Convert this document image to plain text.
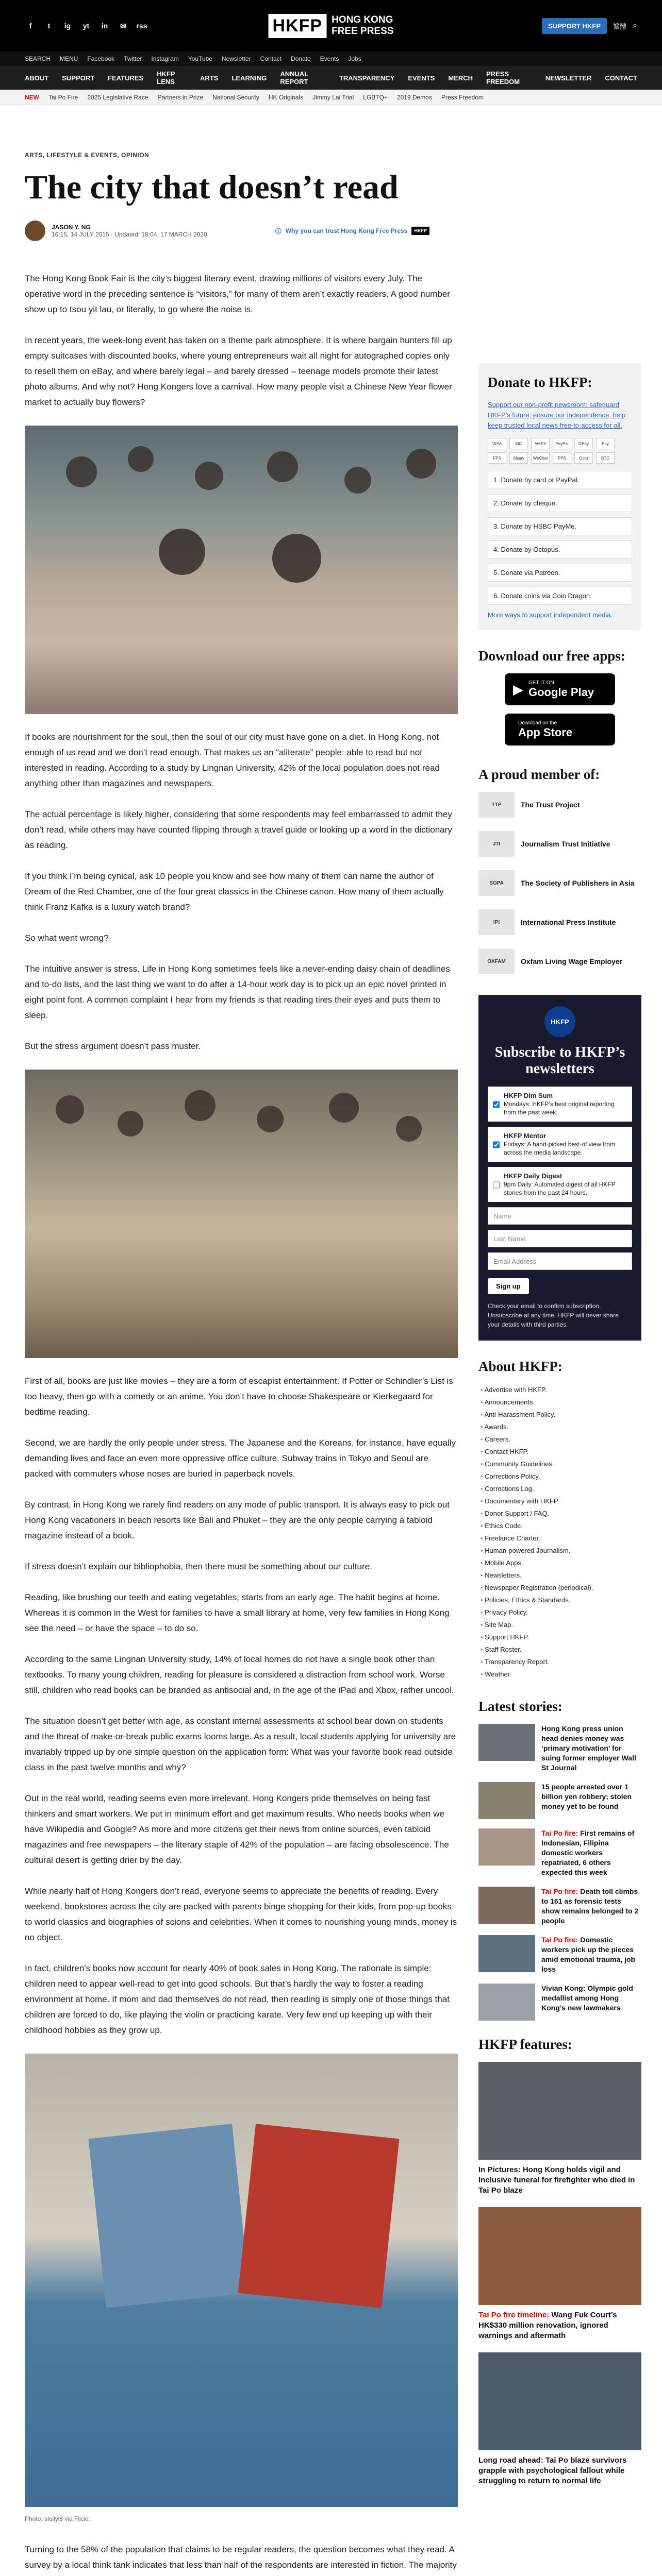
f	t	ig	yt	in	✉	rss	HKFP HONG KONG
FREE PRESS	SUPPORT HKFP	繁體 ⌕
SEARCH MENU Facebook Twitter Instagram YouTube Newsletter Contact Donate Events Jobs
ABOUT SUPPORT FEATURES HKFP LENS	ARTS LEARNING ANNUAL REPORT	TRANSPARENCY EVENTS MERCH PRESS FREEDOM	NEWSLETTER CONTACT
NEW Tai Po Fire 2025 Legislative Race Partners in Prize National Security HK Originals Jimmy Lai Trial LGBTQ+ 2019 Demos Press Freedom
ARTS, LIFESTYLE & EVENTS, OPINION
The city that doesn’t read
JASON Y. NG
16:15, 14 JULY 2015 · Updated: 18:04, 17 MARCH 2020	ⓘ Why you can trust Hong Kong Free Press	HKFP

The Hong Kong Book Fair is the city’s biggest literary event, drawing millions of visitors every July. The operative word in the preceding sentence is “visitors,” for many of them aren’t exactly readers. A good number show up to tsou yit lau, or literally, to go where the noise is.

In recent years, the week-long event has taken on a theme park atmosphere. It is where bargain hunters fill up empty suitcases with discounted books, where young entrepreneurs wait all night for autographed copies only to resell them on eBay, and where barely legal – and barely dressed – teenage models promote their latest photo albums. And why not? Hong Kongers love a carnival. How many people visit a Chinese New Year flower market to actually buy flowers?

If books are nourishment for the soul, then the soul of our city must have gone on a diet. In Hong Kong, not enough of us read and we don’t read enough. That makes us an “aliterate” people: able to read but not interested in reading. According to a study by Lingnan University, 42% of the local population does not read anything other than magazines and newspapers.

The actual percentage is likely higher, considering that some respondents may feel embarrassed to admit they don’t read, while others may have counted flipping through a travel guide or looking up a word in the dictionary as reading.

If you think I’m being cynical, ask 10 people you know and see how many of them can name the author of Dream of the Red Chamber, one of the four great classics in the Chinese canon. How many of them actually think Franz Kafka is a luxury watch brand?

So what went wrong?

The intuitive answer is stress. Life in Hong Kong sometimes feels like a never-ending daisy chain of deadlines and to-do lists, and the last thing we want to do after a 14-hour work day is to pick up an epic novel printed in eight point font. A common complaint I hear from my friends is that reading tires their eyes and puts them to sleep.

But the stress argument doesn’t pass muster.

First of all, books are just like movies – they are a form of escapist entertainment. If Potter or Schindler’s List is too heavy, then go with a comedy or an anime. You don’t have to choose Shakespeare or Kierkegaard for bedtime reading.

Second, we are hardly the only people under stress. The Japanese and the Koreans, for instance, have equally demanding lives and face an even more oppressive office culture. Subway trains in Tokyo and Seoul are packed with commuters whose noses are buried in paperback novels.

By contrast, in Hong Kong we rarely find readers on any mode of public transport. It is always easy to pick out Hong Kong vacationers in beach resorts like Bali and Phuket – they are the only people carrying a tabloid magazine instead of a book.

If stress doesn’t explain our bibliophobia, then there must be something about our culture.

Reading, like brushing our teeth and eating vegetables, starts from an early age. The habit begins at home. Whereas it is common in the West for families to have a small library at home, very few families in Hong Kong see the need – or have the space – to do so.

According to the same Lingnan University study, 14% of local homes do not have a single book other than textbooks. To many young children, reading for pleasure is considered a distraction from school work. Worse still, children who read books can be branded as antisocial and, in the age of the iPad and Xbox, rather uncool.

The situation doesn’t get better with age, as constant internal assessments at school bear down on students and the threat of make-or-break public exams looms large. As a result, local students applying for university are invariably tripped up by one simple question on the application form: What was your favorite book read outside class in the past twelve months and why?

Out in the real world, reading seems even more irrelevant. Hong Kongers pride themselves on being fast thinkers and smart workers. We put in minimum effort and get maximum results. Who needs books when we have Wikipedia and Google? As more and more citizens get their news from online sources, even tabloid magazines and free newspapers – the literary staple of 42% of the population – are facing obsolescence. The cultural desert is getting drier by the day.

While nearly half of Hong Kongers don’t read, everyone seems to appreciate the benefits of reading. Every weekend, bookstores across the city are packed with parents binge shopping for their kids, from pop-up books to world classics and biographies of scions and celebrities. When it comes to nourishing young minds, money is no object.

In fact, children’s books now account for nearly 40% of book sales in Hong Kong. The rationale is simple: children need to appear well-read to get into good schools. But that’s hardly the way to foster a reading environment at home. If mom and dad themselves do not read, then reading is simply one of those things that children are forced to do, like playing the violin or practicing karate. Very few end up keeping up with their childhood hobbies as they grow up.

Photo: sleilyl8 via Flickr.

Turning to the 58% of the population that claims to be regular readers, the question becomes what they read. A survey by a local think tank indicates that less than half of the respondents are interested in fiction. The majority

Donate to HKFP:
Support our non-profit newsroom: safeguard HKFP’s future, ensure our independence, help keep trusted local news free-to-access for all.
VISA	MC	AMEX	PayPal	GPay	Pay
FPS	Alipay	WeChat	PPS	Octo	BTC
1. Donate by card or PayPal.
2. Donate by cheque.
3. Donate by HSBC PayMe.
4. Donate by Octopus.
5. Donate via Patreon.
6. Donate coins via Coin Dragon.
More ways to support independent media.
Download our free apps:
▶ GET IT ON
Google Play
Download on the
App Store
A proud member of:
TTP	The Trust Project
JTI	Journalism Trust Initiative
SOPA	The Society of Publishers in Asia
IPI	International Press Institute
OXFAM	Oxfam Living Wage Employer
HKFP
Subscribe to HKFP’s newsletters
HKFP Dim Sum
Mondays: HKFP’s best original reporting from the past week.
HKFP Mentor
Fridays: A hand-picked best-of view from across the media landscape.
HKFP Daily Digest
9pm Daily: Automated digest of all HKFP stories from the past 24 hours.
Name
Last Name
Email Address
Sign up
Check your email to confirm subscription. Unsubscribe at any time. HKFP will never share your details with third parties.
About HKFP:
• Advertise with HKFP.
• Announcements.
• Anti-Harassment Policy.
• Awards.
• Careers.
• Contact HKFP.
• Community Guidelines.
• Corrections Policy.
• Corrections Log.
• Documentary with HKFP.
• Donor Support / FAQ.
• Ethics Code.
• Freelance Charter.
• Human-powered Journalism.
• Mobile Apps.
• Newsletters.
• Newspaper Registration (periodical).
• Policies, Ethics & Standards.
• Privacy Policy.
• Site Map.
• Support HKFP.
• Staff Roster.
• Transparency Report.
• Weather.
Latest stories:
Hong Kong press union head denies money was ‘primary motivation’ for suing former employer Wall St Journal
15 people arrested over 1 billion yen robbery; stolen money yet to be found
Tai Po fire: First remains of Indonesian, Filipina domestic workers repatriated, 6 others expected this week
Tai Po fire: Death toll climbs to 161 as forensic tests show remains belonged to 2 people
Tai Po fire: Domestic workers pick up the pieces amid emotional trauma, job loss
Vivian Kong: Olympic gold medallist among Hong Kong’s new lawmakers
HKFP features:
In Pictures: Hong Kong holds vigil and Inclusive funeral for firefighter who died in Tai Po blaze
Tai Po fire timeline: Wang Fuk Court’s HK$330 million renovation, ignored warnings and aftermath
Long road ahead: Tai Po blaze survivors grapple with psychological fallout while struggling to return to normal life
